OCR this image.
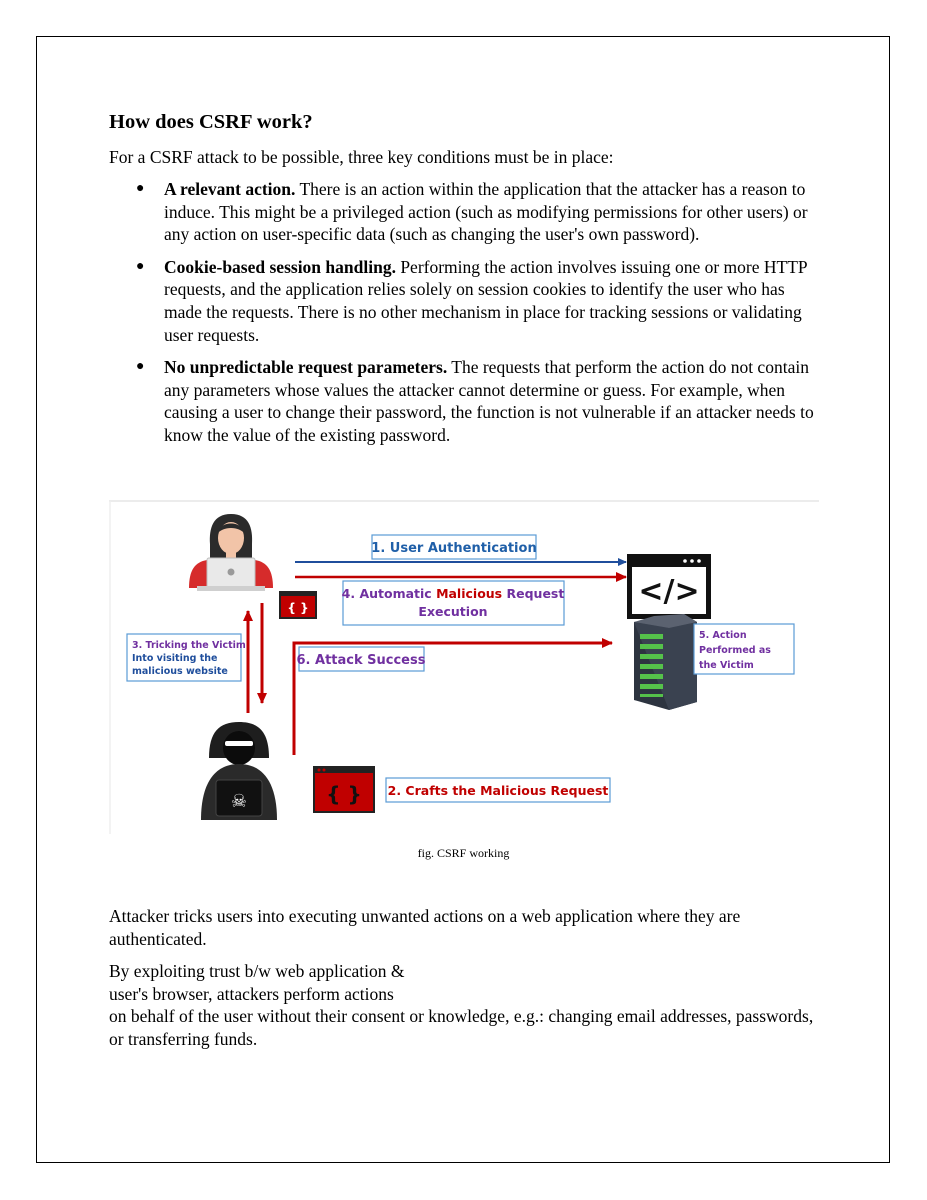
How does CSRF work?

For a CSRF attack to be possible, three key conditions must be in place:

● A relevant action. There is an action within the application that the attacker has a reason to induce. This might be a privileged action (such as modifying permissions for other users) or any action on user-specific data (such as changing the user's own password).
● Cookie-based session handling. Performing the action involves issuing one or more HTTP requests, and the application relies solely on session cookies to identify the user who has made the requests. There is no other mechanism in place for tracking sessions or validating user requests.
● No unpredictable request parameters. The requests that perform the action do not contain any parameters whose values the attacker cannot determine or guess. For example, when causing a user to change their password, the function is not vulnerable if an attacker needs to know the value of the existing password.
{ }	</>
☠	{ }
1. User Authentication
4. Automatic Malicious Request
Execution
3. Tricking the Victim
Into visiting the
malicious website
6. Attack Success
5. Action
Performed as
the Victim
2. Crafts the Malicious Request
fig. CSRF working

Attacker tricks users into executing unwanted actions on a web application where they are authenticated.

By exploiting trust b/w web application &
user's browser, attackers perform actions
on behalf of the user without their consent or knowledge, e.g.: changing email addresses, passwords, or transferring funds.
